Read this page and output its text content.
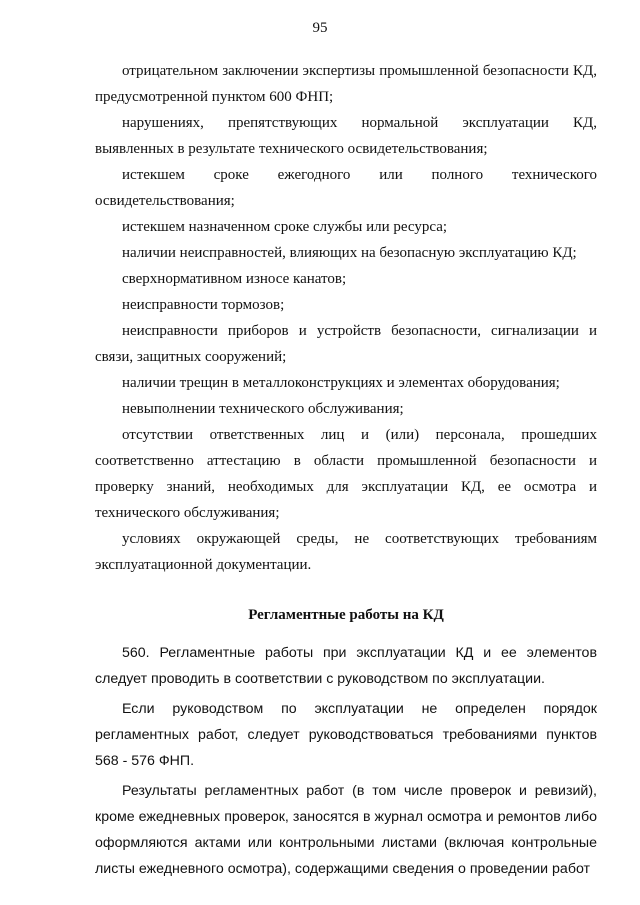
95

отрицательном заключении экспертизы промышленной безопасности КД, предусмотренной пунктом 600 ФНП;

нарушениях, препятствующих нормальной эксплуатации КД, выявленных в результате технического освидетельствования;

истекшем сроке ежегодного или полного технического освидетельствования;

истекшем назначенном сроке службы или ресурса;

наличии неисправностей, влияющих на безопасную эксплуатацию КД;

сверхнормативном износе канатов;

неисправности тормозов;

неисправности приборов и устройств безопасности, сигнализации и связи, защитных сооружений;

наличии трещин в металлоконструкциях и элементах оборудования;

невыполнении технического обслуживания;

отсутствии ответственных лиц и (или) персонала, прошедших соответственно аттестацию в области промышленной безопасности и проверку знаний, необходимых для эксплуатации КД, ее осмотра и технического обслуживания;

условиях окружающей среды, не соответствующих требованиям эксплуатационной документации.

Регламентные работы на КД

560. Регламентные работы при эксплуатации КД и ее элементов следует проводить в соответствии с руководством по эксплуатации.

Если руководством по эксплуатации не определен порядок регламентных работ, следует руководствоваться требованиями пунктов 568 - 576 ФНП.

Результаты регламентных работ (в том числе проверок и ревизий), кроме ежедневных проверок, заносятся в журнал осмотра и ремонтов либо оформляются актами или контрольными листами (включая контрольные листы ежедневного осмотра), содержащими сведения о проведении работ
